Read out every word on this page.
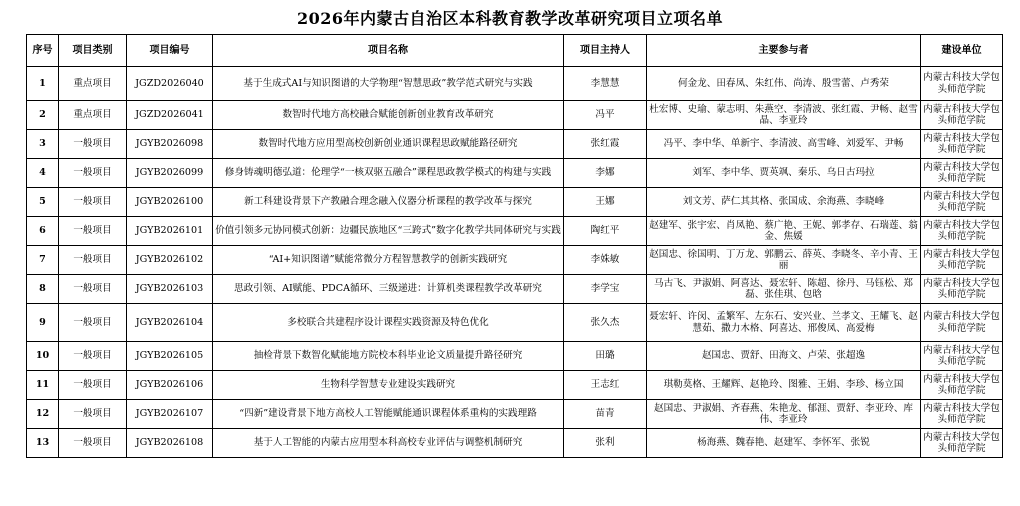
2026年内蒙古自治区本科教育教学改革研究项目立项名单
序号	项目类别	项目编号	项目名称	项目主持人	主要参与者	建设单位
1	重点项目	JGZD2026040	基于生成式AI与知识图谱的大学物理“智慧思政”教学范式研究与实践	李慧慧	何金龙、田春凤、朱红伟、尚涛、殷雪蕾、卢秀荣	内蒙古科技大学包头师范学院
2	重点项目	JGZD2026041	数智时代地方高校融合赋能创新创业教育改革研究	冯平	杜宏博、史瑜、蒙志明、朱燕空、李清波、张红霞、尹畅、赵雪晶、李亚玲	内蒙古科技大学包头师范学院
3	一般项目	JGYB2026098	数智时代地方应用型高校创新创业通识课程思政赋能路径研究	张红霞	冯平、李中华、单新宇、李清波、高雪峰、刘爱军、尹畅	内蒙古科技大学包头师范学院
4	一般项目	JGYB2026099	修身铸魂明德弘道：伦理学“一核双驱五融合”课程思政教学模式的构建与实践	李娜	刘军、李中华、贾英飒、秦乐、乌日古玛拉	内蒙古科技大学包头师范学院
5	一般项目	JGYB2026100	新工科建设背景下产教融合理念融入仪器分析课程的教学改革与探究	王娜	刘文芳、萨仁其其格、张国成、余海燕、李晓峰	内蒙古科技大学包头师范学院
6	一般项目	JGYB2026101	价值引领多元协同模式创新：边疆民族地区“三跨式”数字化教学共同体研究与实践	陶红平	赵建军、张宇宏、肖凤艳、蔡广艳、王妮、郭孝存、石瑞莲、翁金、焦媛	内蒙古科技大学包头师范学院
7	一般项目	JGYB2026102	“AI+知识图谱”赋能常微分方程智慧教学的创新实践研究	李姝敏	赵国忠、徐国明、丁万龙、郭鹏云、薛英、李晓冬、辛小青、王丽	内蒙古科技大学包头师范学院
8	一般项目	JGYB2026103	思政引领、AI赋能、PDCA循环、三级递进：计算机类课程教学改革研究	李学宝	马古飞、尹淑娟、阿喜达、聂宏轩、陈超、徐丹、马钰松、郑磊、张佳琪、包晗	内蒙古科技大学包头师范学院
9	一般项目	JGYB2026104	多校联合共建程序设计课程实践资源及特色优化	张久杰	聂宏轩、许闵、孟繁军、左东石、安兴业、兰孝文、王耀飞、赵慧茹、撒力木格、阿喜达、邢俊凤、高爱梅	内蒙古科技大学包头师范学院
10	一般项目	JGYB2026105	抽检背景下数智化赋能地方院校本科毕业论文质量提升路径研究	田璐	赵国忠、贾舒、田海文、卢荣、张超逸	内蒙古科技大学包头师范学院
11	一般项目	JGYB2026106	生物科学智慧专业建设实践研究	王志红	琪勒莫格、王耀辉、赵艳玲、图雅、王娟、李珍、杨立国	内蒙古科技大学包头师范学院
12	一般项目	JGYB2026107	“四新”建设背景下地方高校人工智能赋能通识课程体系重构的实践理路	苗青	赵国忠、尹淑娟、齐春燕、朱艳龙、郁涯、贾舒、李亚玲、库伟、李亚玲	内蒙古科技大学包头师范学院
13	一般项目	JGYB2026108	基于人工智能的内蒙古应用型本科高校专业评估与调整机制研究	张利	杨海燕、魏春艳、赵建军、李怀军、张锐	内蒙古科技大学包头师范学院
